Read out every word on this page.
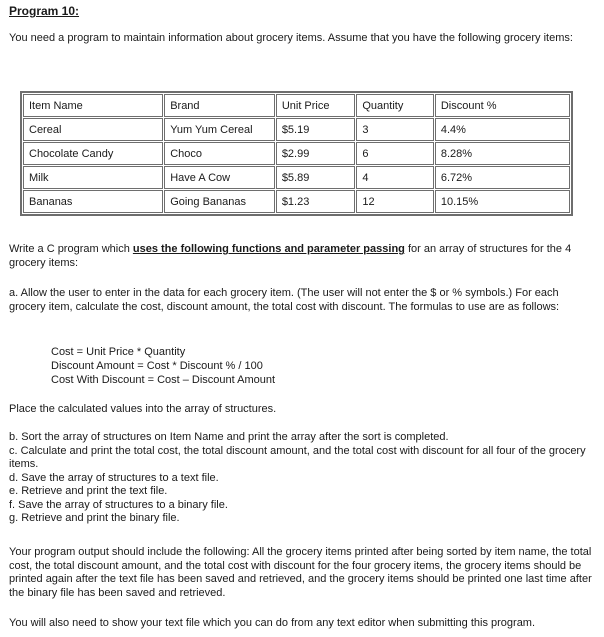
Program 10:

You need a program to maintain information about grocery items. Assume that you have the following grocery items:

Item Name	Brand	Unit Price	Quantity	Discount %
Cereal	Yum Yum Cereal	$5.19	3	4.4%
Chocolate Candy	Choco	$2.99	6	8.28%
Milk	Have A Cow	$5.89	4	6.72%
Bananas	Going Bananas	$1.23	12	10.15%

Write a C program which uses the following functions and parameter passing for an array of structures for the 4 grocery items:

a. Allow the user to enter in the data for each grocery item. (The user will not enter the $ or % symbols.) For each grocery item, calculate the cost, discount amount, the total cost with discount. The formulas to use are as follows:

Cost = Unit Price * Quantity
Discount Amount = Cost * Discount % / 100
Cost With Discount = Cost – Discount Amount

Place the calculated values into the array of structures.

b. Sort the array of structures on Item Name and print the array after the sort is completed.
c. Calculate and print the total cost, the total discount amount, and the total cost with discount for all four of the grocery items.
d. Save the array of structures to a text file.
e. Retrieve and print the text file.
f. Save the array of structures to a binary file.
g. Retrieve and print the binary file.

Your program output should include the following: All the grocery items printed after being sorted by item name, the total cost, the total discount amount, and the total cost with discount for the four grocery items, the grocery items should be printed again after the text file has been saved and retrieved, and the grocery items should be printed one last time after the binary file has been saved and retrieved.

You will also need to show your text file which you can do from any text editor when submitting this program.
